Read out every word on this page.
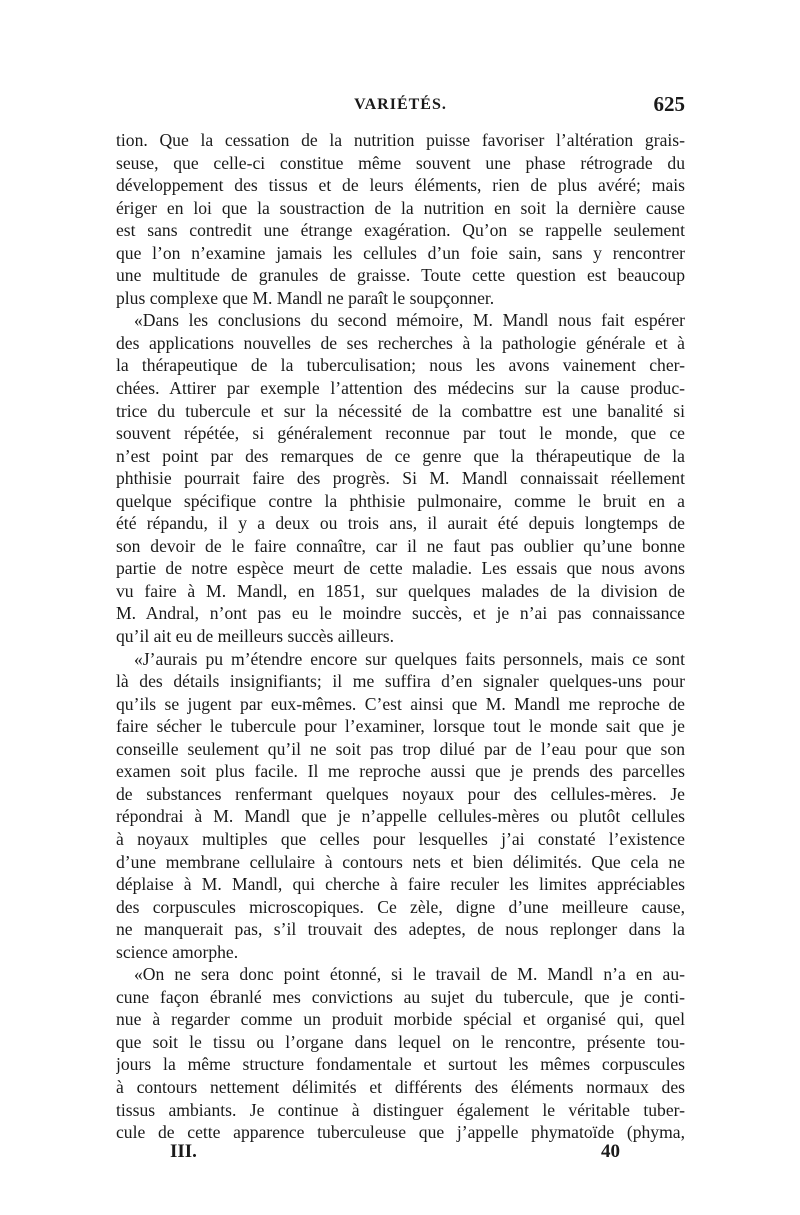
VARIÉTÉS.	625
tion. Que la cessation de la nutrition puisse favoriser l’altération grais-
seuse, que celle-ci constitue même souvent une phase rétrograde du
développement des tissus et de leurs éléments, rien de plus avéré; mais
ériger en loi que la soustraction de la nutrition en soit la dernière cause
est sans contredit une étrange exagération. Qu’on se rappelle seulement
que l’on n’examine jamais les cellules d’un foie sain, sans y rencontrer
une multitude de granules de graisse. Toute cette question est beaucoup
plus complexe que M. Mandl ne paraît le soupçonner.
«Dans les conclusions du second mémoire, M. Mandl nous fait espérer
des applications nouvelles de ses recherches à la pathologie générale et à
la thérapeutique de la tuberculisation; nous les avons vainement cher-
chées. Attirer par exemple l’attention des médecins sur la cause produc-
trice du tubercule et sur la nécessité de la combattre est une banalité si
souvent répétée, si généralement reconnue par tout le monde, que ce
n’est point par des remarques de ce genre que la thérapeutique de la
phthisie pourrait faire des progrès. Si M. Mandl connaissait réellement
quelque spécifique contre la phthisie pulmonaire, comme le bruit en a
été répandu, il y a deux ou trois ans, il aurait été depuis longtemps de
son devoir de le faire connaître, car il ne faut pas oublier qu’une bonne
partie de notre espèce meurt de cette maladie. Les essais que nous avons
vu faire à M. Mandl, en 1851, sur quelques malades de la division de
M. Andral, n’ont pas eu le moindre succès, et je n’ai pas connaissance
qu’il ait eu de meilleurs succès ailleurs.
«J’aurais pu m’étendre encore sur quelques faits personnels, mais ce sont
là des détails insignifiants; il me suffira d’en signaler quelques-uns pour
qu’ils se jugent par eux-mêmes. C’est ainsi que M. Mandl me reproche de
faire sécher le tubercule pour l’examiner, lorsque tout le monde sait que je
conseille seulement qu’il ne soit pas trop dilué par de l’eau pour que son
examen soit plus facile. Il me reproche aussi que je prends des parcelles
de substances renfermant quelques noyaux pour des cellules-mères. Je
répondrai à M. Mandl que je n’appelle cellules-mères ou plutôt cellules
à noyaux multiples que celles pour lesquelles j’ai constaté l’existence
d’une membrane cellulaire à contours nets et bien délimités. Que cela ne
déplaise à M. Mandl, qui cherche à faire reculer les limites appréciables
des corpuscules microscopiques. Ce zèle, digne d’une meilleure cause,
ne manquerait pas, s’il trouvait des adeptes, de nous replonger dans la
science amorphe.
«On ne sera donc point étonné, si le travail de M. Mandl n’a en au-
cune façon ébranlé mes convictions au sujet du tubercule, que je conti-
nue à regarder comme un produit morbide spécial et organisé qui, quel
que soit le tissu ou l’organe dans lequel on le rencontre, présente tou-
jours la même structure fondamentale et surtout les mêmes corpuscules
à contours nettement délimités et différents des éléments normaux des
tissus ambiants. Je continue à distinguer également le véritable tuber-
cule de cette apparence tuberculeuse que j’appelle phymatoïde (phyma,
III.	40
